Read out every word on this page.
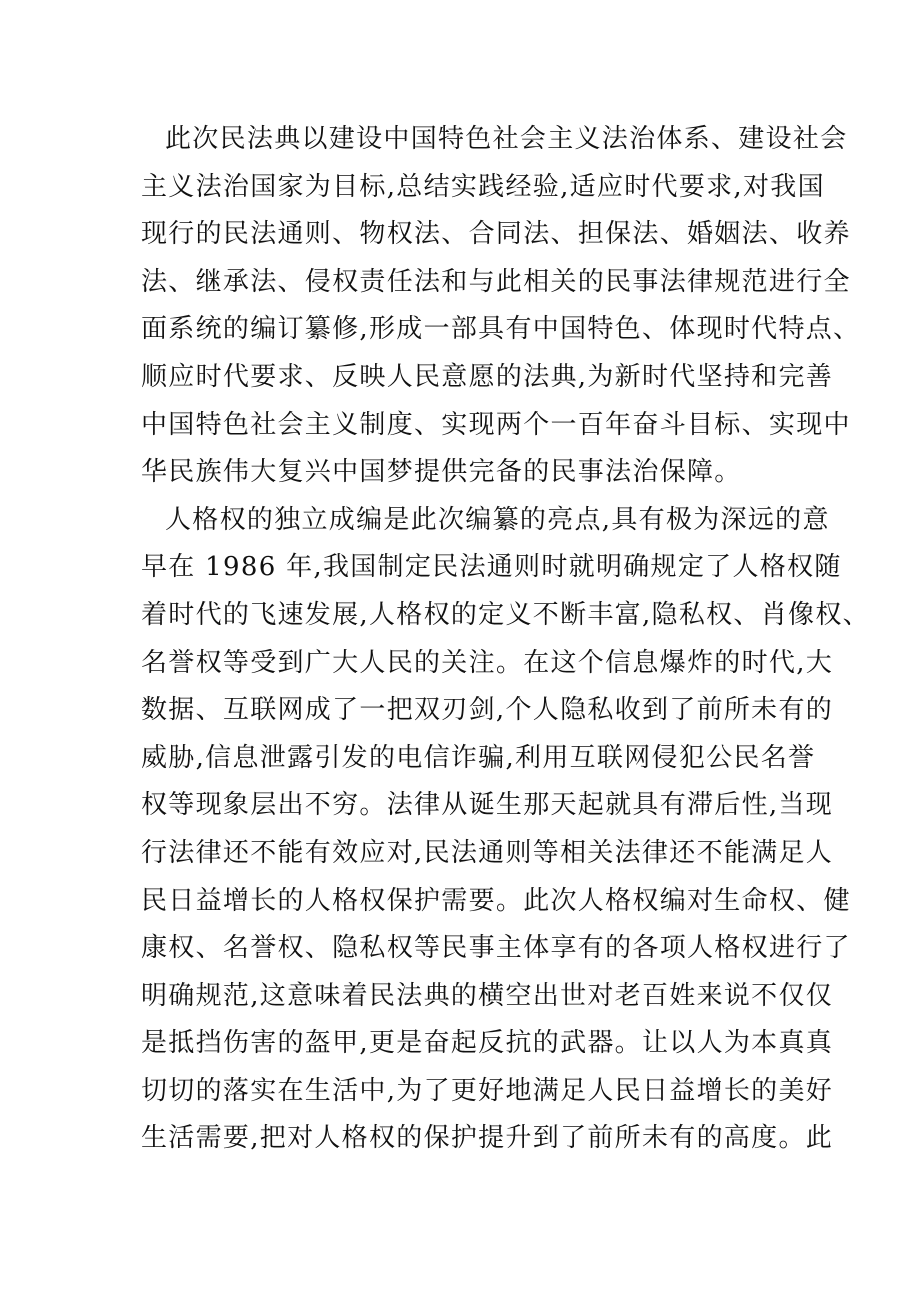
此次民法典以建设中国特色社会主义法治体系、建设社会
主义法治国家为目标,总结实践经验,适应时代要求,对我国
现行的民法通则、物权法、合同法、担保法、婚姻法、收养
法、继承法、侵权责任法和与此相关的民事法律规范进行全
面系统的编订纂修,形成一部具有中国特色、体现时代特点、
顺应时代要求、反映人民意愿的法典,为新时代坚持和完善
中国特色社会主义制度、实现两个一百年奋斗目标、实现中
华民族伟大复兴中国梦提供完备的民事法治保障。
人格权的独立成编是此次编纂的亮点,具有极为深远的意
早在 1986 年,我国制定民法通则时就明确规定了人格权随
着时代的飞速发展,人格权的定义不断丰富,隐私权、肖像权、
名誉权等受到广大人民的关注。在这个信息爆炸的时代,大
数据、互联网成了一把双刃剑,个人隐私收到了前所未有的
威胁,信息泄露引发的电信诈骗,利用互联网侵犯公民名誉
权等现象层出不穷。法律从诞生那天起就具有滞后性,当现
行法律还不能有效应对,民法通则等相关法律还不能满足人
民日益增长的人格权保护需要。此次人格权编对生命权、健
康权、名誉权、隐私权等民事主体享有的各项人格权进行了
明确规范,这意味着民法典的横空出世对老百姓来说不仅仅
是抵挡伤害的盔甲,更是奋起反抗的武器。让以人为本真真
切切的落实在生活中,为了更好地满足人民日益增长的美好
生活需要,把对人格权的保护提升到了前所未有的高度。此
